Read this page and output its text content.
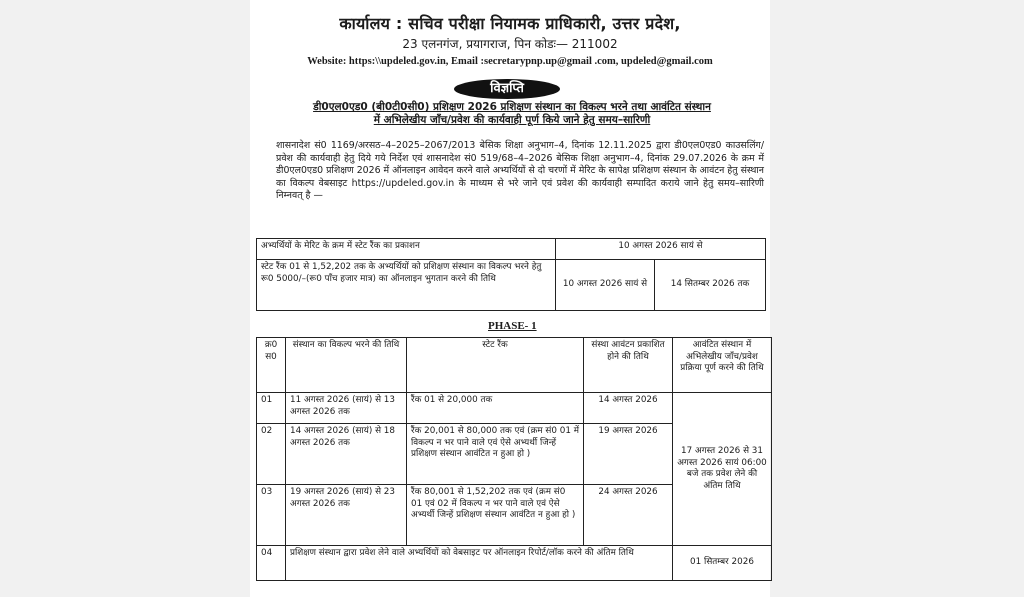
कार्यालय : सचिव परीक्षा नियामक प्राधिकारी, उत्तर प्रदेश,
23 एलनगंज, प्रयागराज, पिन कोडः— 211002
Website: https:\\updeled.gov.in, Email :secretarypnp.up@gmail .com, updeled@gmail.com
विज्ञप्ति
डी0एल0एड0 (बी0टी0सी0) प्रशिक्षण 2026 प्रशिक्षण संस्थान का विकल्प भरने तथा आवंटित संस्थान
में अभिलेखीय जॉंच/प्रवेश की कार्यवाही पूर्ण किये जाने हेतु समय–सारिणी
शासनादेश सं0 1169/अरसठ–4–2025–2067/2013 बेसिक शिक्षा अनुभाग–4, दिनांक 12.11.2025 द्वारा डी0एल0एड0 काउसलिंग/प्रवेश की कार्यवाही हेतु दिये गये निर्देश एवं शासनादेश सं0 519/68–4–2026 बेसिक शिक्षा अनुभाग–4, दिनांक 29.07.2026 के क्रम में डी0एल0एड0 प्रशिक्षण 2026 में ऑनलाइन आवेदन करने वाले अभ्यर्थियों से दो चरणों में मेरिट के सापेक्ष प्रशिक्षण संस्थान के आवंटन हेतु संस्थान का विकल्प वेबसाइट https://updeled.gov.in के माध्यम से भरे जाने एवं प्रवेश की कार्यवाही सम्पादित कराये जाने हेतु समय–सारिणी निम्नवत् है —
अभ्यर्थियों के मेरिट के क्रम में स्टेट रैंक का प्रकाशन	10 अगस्त 2026 सायं से	
स्टेट रैंक 01 से 1,52,202 तक के अभ्यर्थियों को प्रशिक्षण संस्थान का विकल्प भरने हेतु रू0 5000/–(रू0 पॉंच हजार मात्र) का ऑनलाइन भुगतान करने की तिथि	10 अगस्त 2026 सायं से	14 सितम्बर 2026 तक
PHASE- 1
क्र0 स0	संस्थान का विकल्प भरने की तिथि	स्टेट रैंक	संस्था आवंटन प्रकाशित होने की तिथि	आवंटित संस्थान में अभिलेखीय जॉंच/प्रवेश प्रक्रिया पूर्ण करने की तिथि
01	11 अगस्त 2026 (सायं) से 13 अगस्त 2026 तक	रैंक 01 से 20,000 तक	14 अगस्त 2026	17 अगस्त 2026 से 31 अगस्त 2026 सायं 06:00 बजे तक प्रवेश लेने की अंतिम तिथि
02	14 अगस्त 2026 (सायं) से 18 अगस्त 2026 तक	रैंक 20,001 से 80,000 तक एवं (क्रम सं0 01 में विकल्प न भर पाने वाले एवं ऐसे अभ्यर्थी जिन्हें प्रशिक्षण संस्थान आवंटित न हुआ हो )	19 अगस्त 2026	
03	19 अगस्त 2026 (सायं) से 23 अगस्त 2026 तक	रैंक 80,001 से 1,52,202 तक एवं (क्रम सं0 01 एवं 02 में विकल्प न भर पाने वाले एवं ऐसे अभ्यर्थी जिन्हें प्रशिक्षण संस्थान आवंटित न हुआ हो )	24 अगस्त 2026	
04	प्रशिक्षण संस्थान द्वारा प्रवेश लेने वाले अभ्यर्थियों को वेबसाइट पर ऑनलाइन रिपोर्ट/लॉक करने की अंतिम तिथि			01 सितम्बर 2026
